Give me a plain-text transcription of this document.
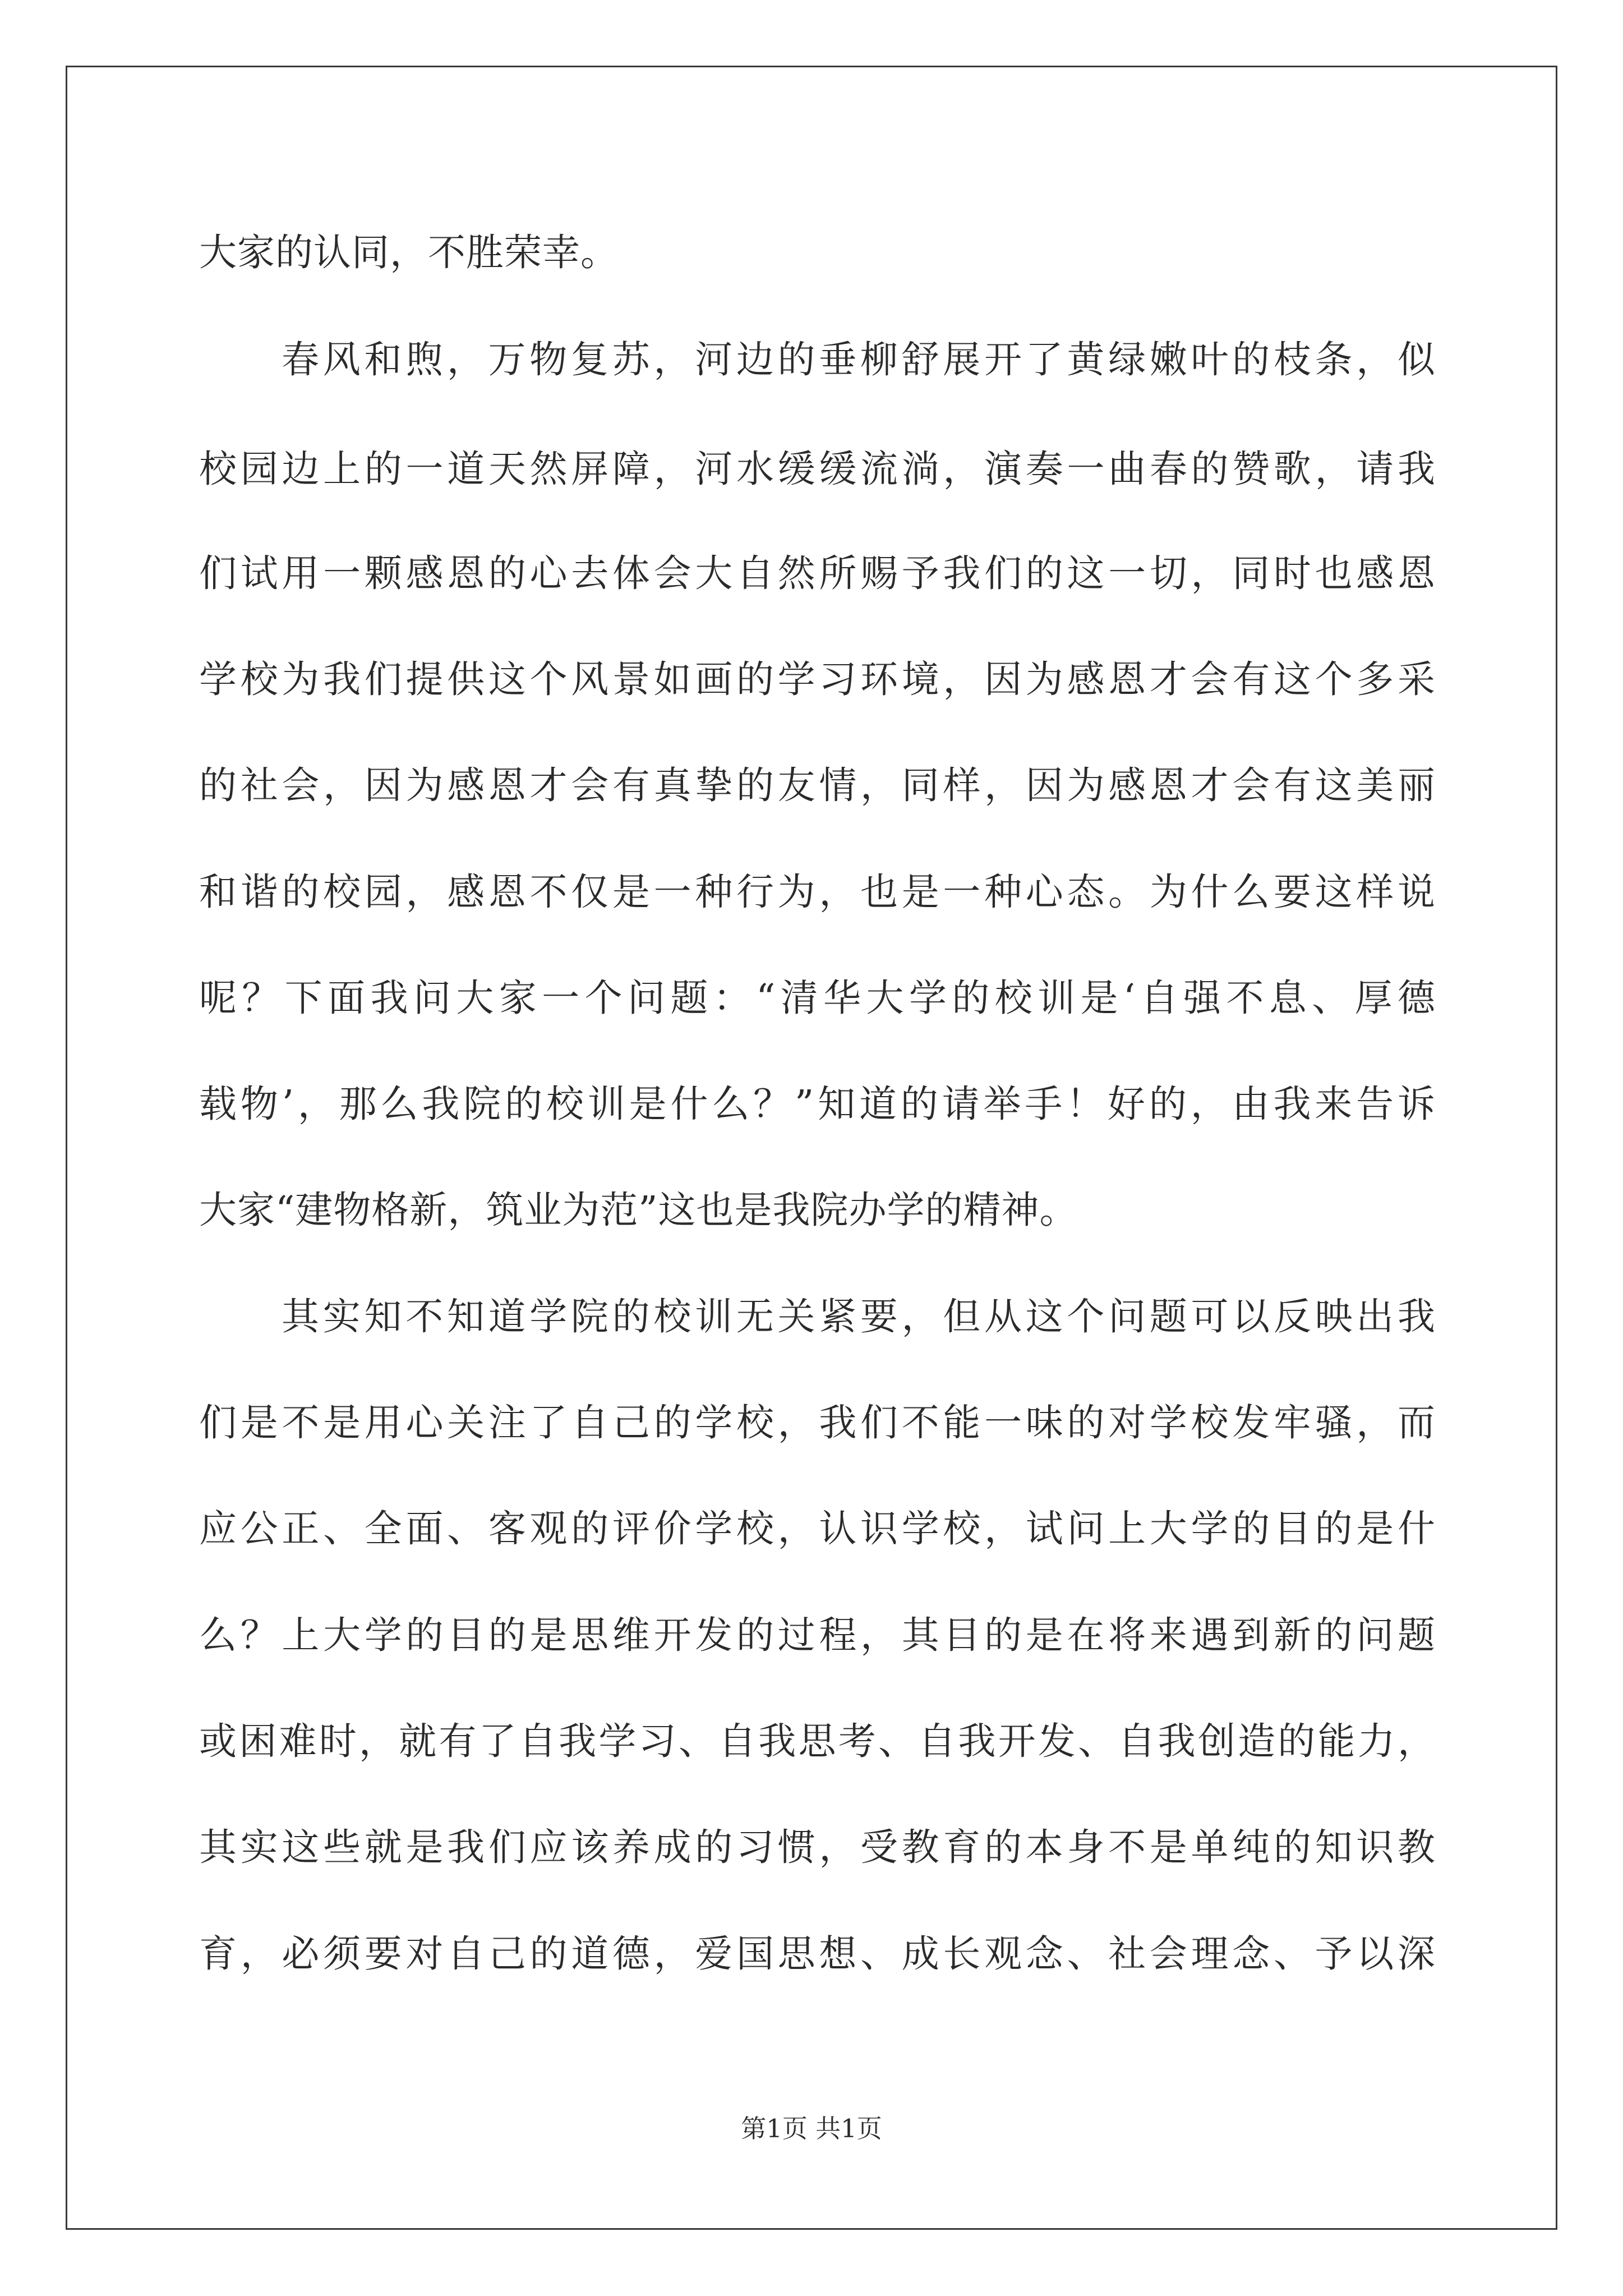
大家的认同，不胜荣幸。
春风和煦，万物复苏，河边的垂柳舒展开了黄绿嫩叶的枝条，似
校园边上的一道天然屏障，河水缓缓流淌，演奏一曲春的赞歌，请我
们试用一颗感恩的心去体会大自然所赐予我们的这一切，同时也感恩
学校为我们提供这个风景如画的学习环境，因为感恩才会有这个多采
的社会，因为感恩才会有真挚的友情，同样，因为感恩才会有这美丽
和谐的校园，感恩不仅是一种行为，也是一种心态。为什么要这样说
呢？下面我问大家一个问题：“清华大学的校训是‘自强不息、厚德
载物’，那么我院的校训是什么？”知道的请举手！好的，由我来告诉
大家“建物格新，筑业为范”这也是我院办学的精神。
其实知不知道学院的校训无关紧要，但从这个问题可以反映出我
们是不是用心关注了自己的学校，我们不能一味的对学校发牢骚，而
应公正、全面、客观的评价学校，认识学校，试问上大学的目的是什
么？上大学的目的是思维开发的过程，其目的是在将来遇到新的问题
或困难时，就有了自我学习、自我思考、自我开发、自我创造的能力，
其实这些就是我们应该养成的习惯，受教育的本身不是单纯的知识教
育，必须要对自己的道德，爱国思想、成长观念、社会理念、予以深
第1页 共1页
